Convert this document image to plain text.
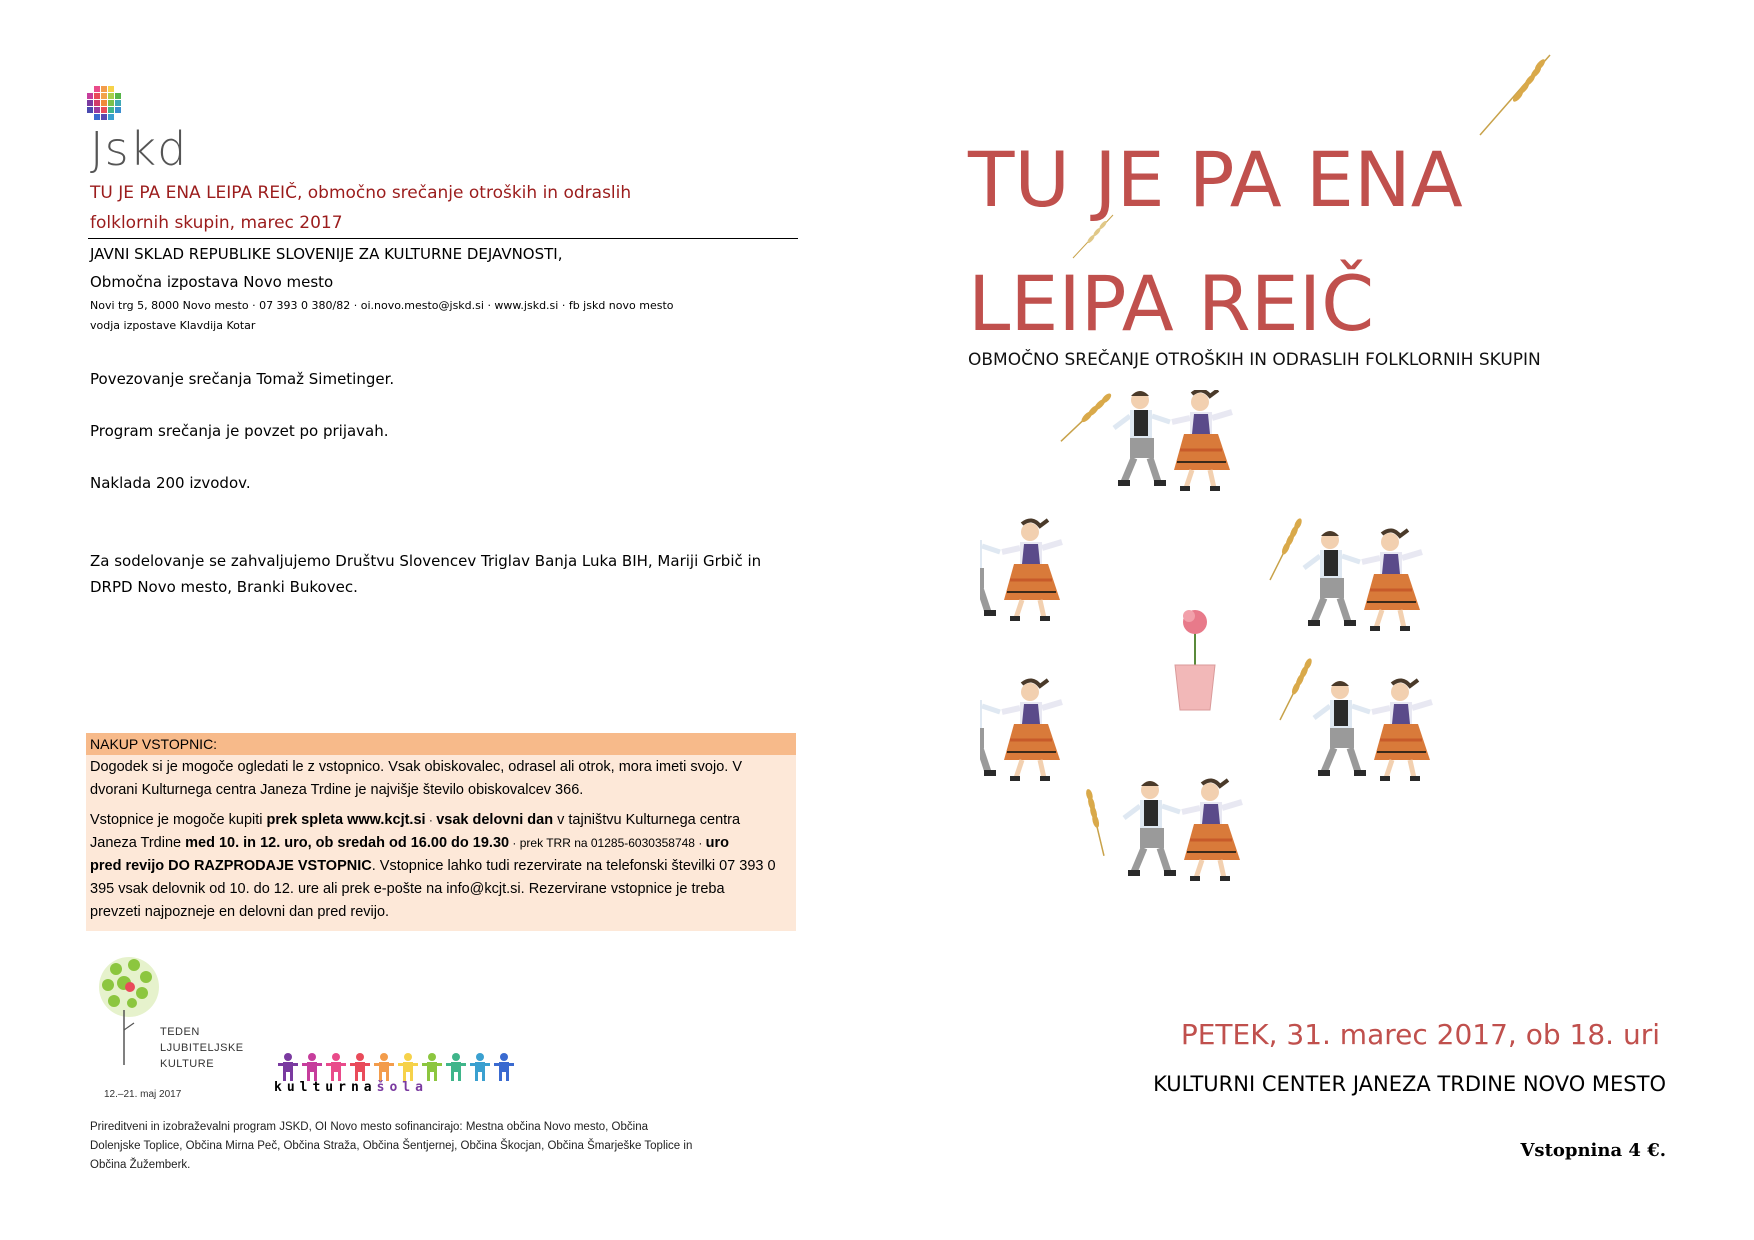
Jskd
TU JE PA ENA LEIPA REIČ, območno srečanje otroških in odraslih
folklornih skupin, marec 2017
JAVNI SKLAD REPUBLIKE SLOVENIJE ZA KULTURNE DEJAVNOSTI,
Območna izpostava Novo mesto
Novi trg 5, 8000 Novo mesto · 07 393 0 380/82 · oi.novo.mesto@jskd.si · www.jskd.si · fb jskd novo mesto
vodja izpostave Klavdija Kotar
Povezovanje srečanja Tomaž Simetinger.
Program srečanja je povzet po prijavah.
Naklada 200 izvodov.
Za sodelovanje se zahvaljujemo Društvu Slovencev Triglav Banja Luka BIH, Mariji Grbič in
DRPD Novo mesto, Branki Bukovec.
NAKUP VSTOPNIC:
Dogodek si je mogoče ogledati le z vstopnico. Vsak obiskovalec, odrasel ali otrok, mora imeti svojo. V
dvorani Kulturnega centra Janeza Trdine je najvišje število obiskovalcev 366.
Vstopnice je mogoče kupiti prek spleta www.kcjt.si · vsak delovni dan v tajništvu Kulturnega centra
Janeza Trdine med 10. in 12. uro, ob sredah od 16.00 do 19.30 · prek TRR na 01285-6030358748 · uro
pred revijo DO RAZPRODAJE VSTOPNIC. Vstopnice lahko tudi rezervirate na telefonski številki 07 393 0
395 vsak delovnik od 10. do 12. ure ali prek e-pošte na info@kcjt.si. Rezervirane vstopnice je treba
prevzeti najpozneje en delovni dan pred revijo.
TEDEN
LJUBITELJSKE
KULTURE
12.–21. maj 2017	kulturnašola
Prireditveni in izobraževalni program JSKD, OI Novo mesto sofinancirajo: Mestna občina Novo mesto, Občina
Dolenjske Toplice, Občina Mirna Peč, Občina Straža, Občina Šentjernej, Občina Škocjan, Občina Šmarješke Toplice in
Občina Žužemberk.
TU JE PA ENA
LEIPA REIČ
OBMOČNO SREČANJE OTROŠKIH IN ODRASLIH FOLKLORNIH SKUPIN
PETEK, 31. marec 2017, ob 18. uri
KULTURNI CENTER JANEZA TRDINE NOVO MESTO
Vstopnina 4 €.
